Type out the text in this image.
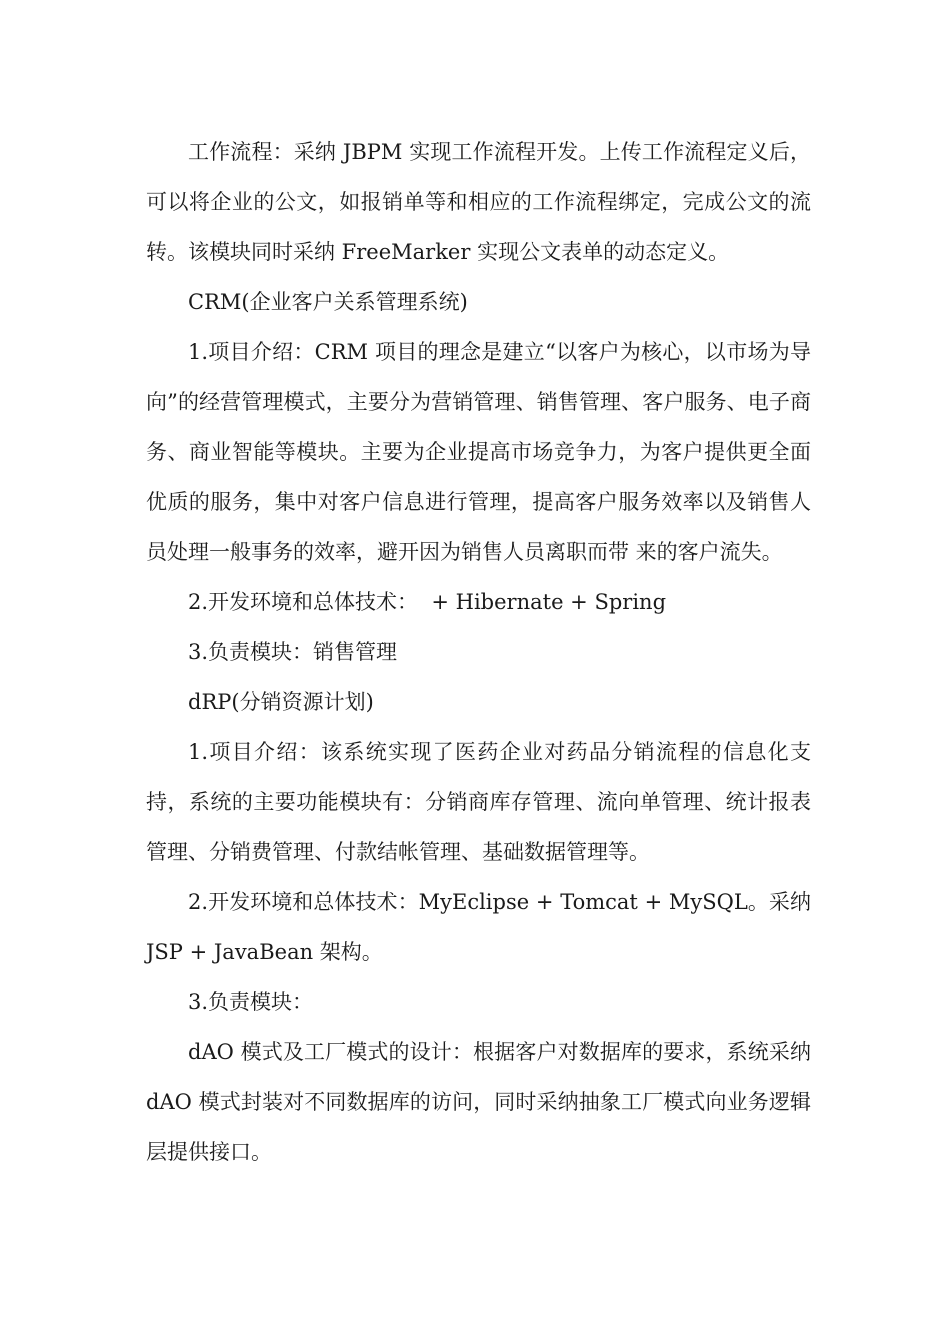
工作流程：采纳 JBPM 实现工作流程开发。上传工作流程定义后，可以将企业的公文，如报销单等和相应的工作流程绑定，完成公文的流转。该模块同时采纳 FreeMarker 实现公文表单的动态定义。

CRM(企业客户关系管理系统)

1.项目介绍：CRM 项目的理念是建立“以客户为核心，以市场为导向”的经营管理模式，主要分为营销管理、销售管理、客户服务、电子商务、商业智能等模块。主要为企业提高市场竞争力，为客户提供更全面优质的服务，集中对客户信息进行管理，提高客户服务效率以及销售人员处理一般事务的效率，避开因为销售人员离职而带 来的客户流失。

2.开发环境和总体技术：  + Hibernate + Spring

3.负责模块：销售管理

dRP(分销资源计划)

1.项目介绍：该系统实现了医药企业对药品分销流程的信息化支持，系统的主要功能模块有：分销商库存管理、流向单管理、统计报表管理、分销费管理、付款结帐管理、基础数据管理等。

2.开发环境和总体技术：MyEclipse + Tomcat + MySQL。采纳 JSP + JavaBean 架构。

3.负责模块：

dAO 模式及工厂模式的设计：根据客户对数据库的要求，系统采纳 dAO 模式封装对不同数据库的访问，同时采纳抽象工厂模式向业务逻辑层提供接口。
